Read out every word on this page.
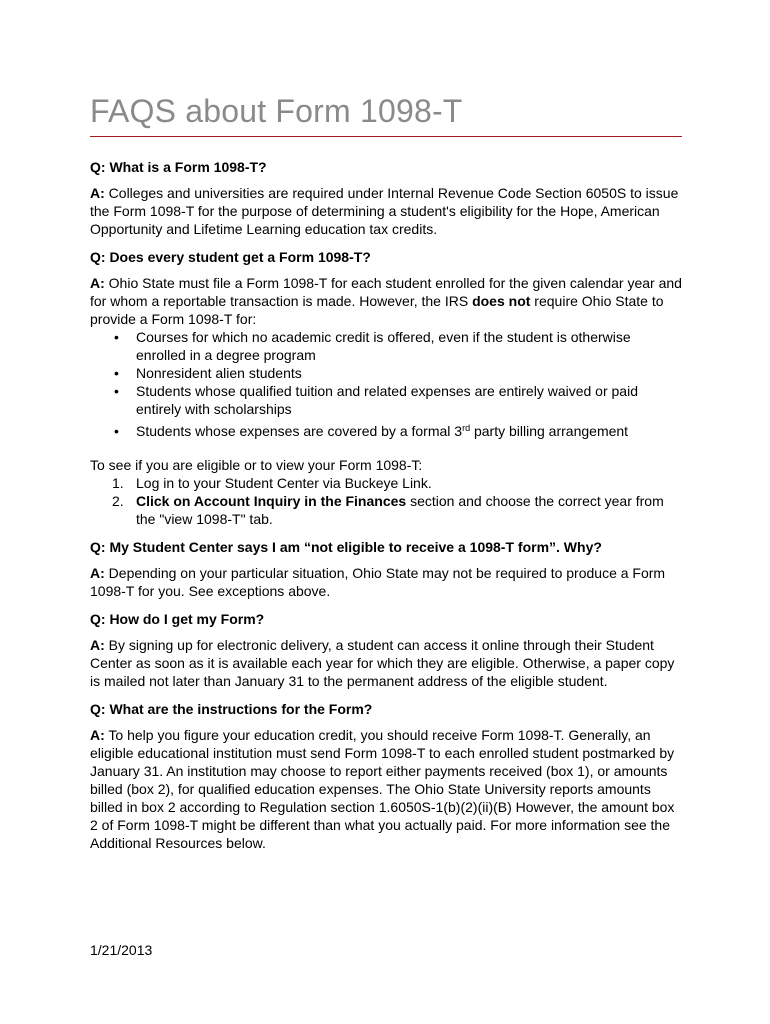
FAQS about Form 1098-T
Q: What is a Form 1098-T?
A: Colleges and universities are required under Internal Revenue Code Section 6050S to issue the Form 1098-T for the purpose of determining a student's eligibility for the Hope, American Opportunity and Lifetime Learning education tax credits.
Q: Does every student get a Form 1098-T?
A: Ohio State must file a Form 1098-T for each student enrolled for the given calendar year and for whom a reportable transaction is made. However, the IRS does not require Ohio State to provide a Form 1098-T for:
• Courses for which no academic credit is offered, even if the student is otherwise enrolled in a degree program
• Nonresident alien students
• Students whose qualified tuition and related expenses are entirely waived or paid entirely with scholarships
• Students whose expenses are covered by a formal 3rd party billing arrangement
To see if you are eligible or to view your Form 1098-T:
1. Log in to your Student Center via Buckeye Link.
2. Click on Account Inquiry in the Finances section and choose the correct year from the "view 1098-T" tab.
Q: My Student Center says I am “not eligible to receive a 1098-T form”. Why?
A: Depending on your particular situation, Ohio State may not be required to produce a Form 1098-T for you. See exceptions above.
Q: How do I get my Form?
A: By signing up for electronic delivery, a student can access it online through their Student Center as soon as it is available each year for which they are eligible. Otherwise, a paper copy is mailed not later than January 31 to the permanent address of the eligible student.
Q: What are the instructions for the Form?
A: To help you figure your education credit, you should receive Form 1098-T. Generally, an eligible educational institution must send Form 1098-T to each enrolled student postmarked by January 31. An institution may choose to report either payments received (box 1), or amounts billed (box 2), for qualified education expenses. The Ohio State University reports amounts billed in box 2 according to Regulation section 1.6050S-1(b)(2)(ii)(B) However, the amount box 2 of Form 1098-T might be different than what you actually paid. For more information see the Additional Resources below.
1/21/2013
